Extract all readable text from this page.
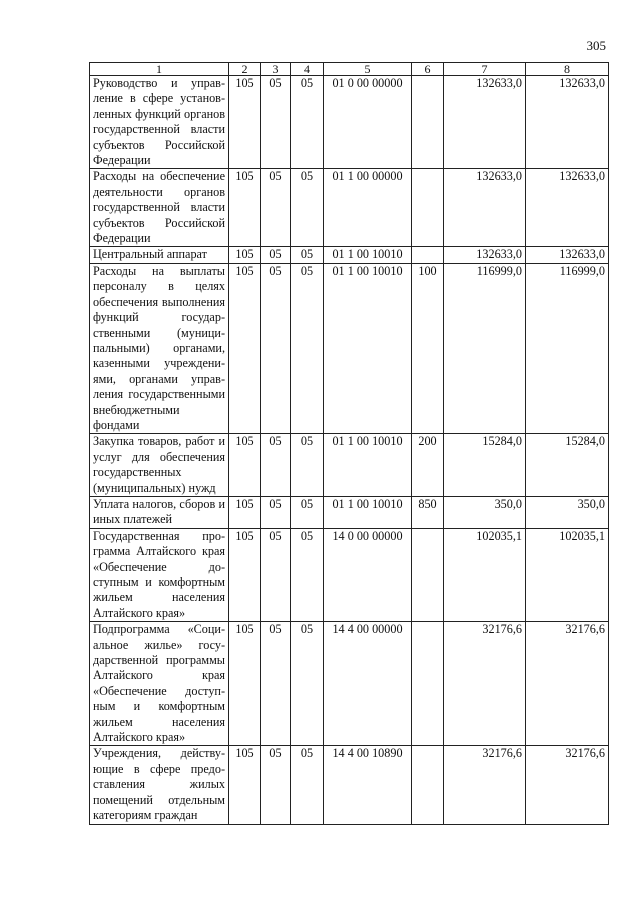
305
1	2	3	4	5	6	7	8
Руководство и управление в сфере установленных функций органов государственной власти субъектов Российской Федерации	105	05	05	01 0 00 00000		132633,0	132633,0
Расходы на обеспечение деятельности органов государственной власти субъектов Российской Федерации	105	05	05	01 1 00 00000		132633,0	132633,0
Центральный аппарат	105	05	05	01 1 00 10010		132633,0	132633,0
Расходы на выплаты персоналу в целях обеспечения выполнения функций государственными (муниципальными) органами, казенными учреждениями, органами управления государственными внебюджетными фондами	105	05	05	01 1 00 10010	100	116999,0	116999,0
Закупка товаров, работ и услуг для обеспечения государственных (муниципальных) нужд	105	05	05	01 1 00 10010	200	15284,0	15284,0
Уплата налогов, сборов и иных платежей	105	05	05	01 1 00 10010	850	350,0	350,0
Государственная программа Алтайского края «Обеспечение доступным и комфортным жильем населения Алтайского края»	105	05	05	14 0 00 00000		102035,1	102035,1
Подпрограмма «Социальное жилье» государственной программы Алтайского края «Обеспечение доступным и комфортным жильем населения Алтайского края»	105	05	05	14 4 00 00000		32176,6	32176,6
Учреждения, действующие в сфере предоставления жилых помещений отдельным категориям граждан	105	05	05	14 4 00 10890		32176,6	32176,6
